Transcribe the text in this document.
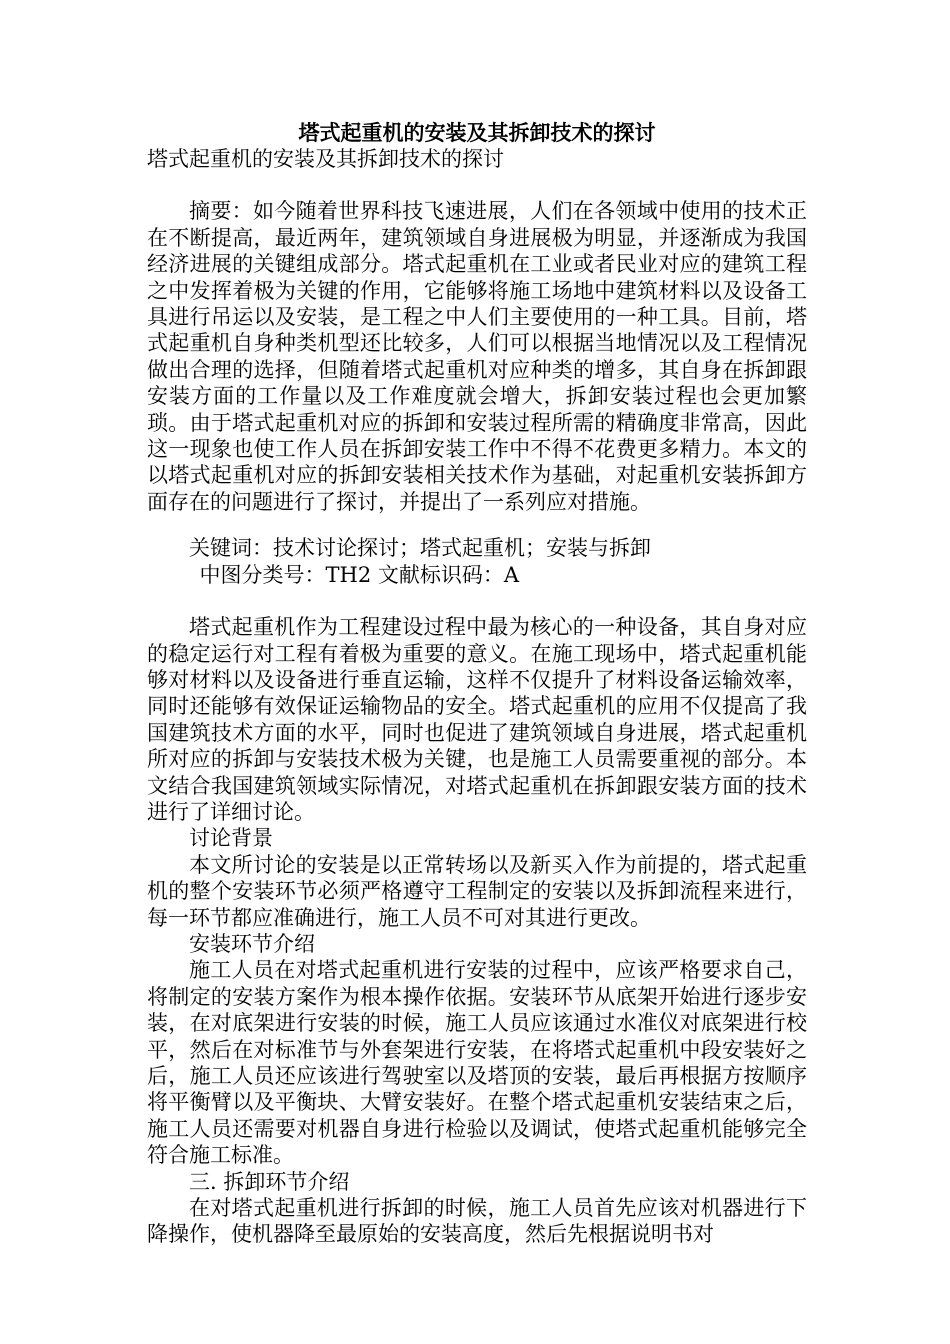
塔式起重机的安装及其拆卸技术的探讨

塔式起重机的安装及其拆卸技术的探讨

摘要：如今随着世界科技飞速进展，人们在各领域中使用的技术正在不断提高，最近两年，建筑领域自身进展极为明显，并逐渐成为我国经济进展的关键组成部分。塔式起重机在工业或者民业对应的建筑工程之中发挥着极为关键的作用，它能够将施工场地中建筑材料以及设备工具进行吊运以及安装，是工程之中人们主要使用的一种工具。目前，塔式起重机自身种类机型还比较多，人们可以根据当地情况以及工程情况做出合理的选择，但随着塔式起重机对应种类的增多，其自身在拆卸跟安装方面的工作量以及工作难度就会增大，拆卸安装过程也会更加繁琐。由于塔式起重机对应的拆卸和安装过程所需的精确度非常高，因此这一现象也使工作人员在拆卸安装工作中不得不花费更多精力。本文的以塔式起重机对应的拆卸安装相关技术作为基础，对起重机安装拆卸方面存在的问题进行了探讨，并提出了一系列应对措施。

关键词：技术讨论探讨；塔式起重机；安装与拆卸

中图分类号：TH2 文献标识码：A

塔式起重机作为工程建设过程中最为核心的一种设备，其自身对应的稳定运行对工程有着极为重要的意义。在施工现场中，塔式起重机能够对材料以及设备进行垂直运输，这样不仅提升了材料设备运输效率，同时还能够有效保证运输物品的安全。塔式起重机的应用不仅提高了我国建筑技术方面的水平，同时也促进了建筑领域自身进展，塔式起重机所对应的拆卸与安装技术极为关键，也是施工人员需要重视的部分。本文结合我国建筑领域实际情况，对塔式起重机在拆卸跟安装方面的技术进行了详细讨论。

讨论背景

本文所讨论的安装是以正常转场以及新买入作为前提的，塔式起重机的整个安装环节必须严格遵守工程制定的安装以及拆卸流程来进行，每一环节都应准确进行，施工人员不可对其进行更改。

安装环节介绍

施工人员在对塔式起重机进行安装的过程中，应该严格要求自己，将制定的安装方案作为根本操作依据。安装环节从底架开始进行逐步安装，在对底架进行安装的时候，施工人员应该通过水准仪对底架进行校平，然后在对标准节与外套架进行安装，在将塔式起重机中段安装好之后，施工人员还应该进行驾驶室以及塔顶的安装，最后再根据方按顺序将平衡臂以及平衡块、大臂安装好。在整个塔式起重机安装结束之后，施工人员还需要对机器自身进行检验以及调试，使塔式起重机能够完全符合施工标准。

三. 拆卸环节介绍

在对塔式起重机进行拆卸的时候，施工人员首先应该对机器进行下降操作，使机器降至最原始的安装高度，然后先根据说明书对
